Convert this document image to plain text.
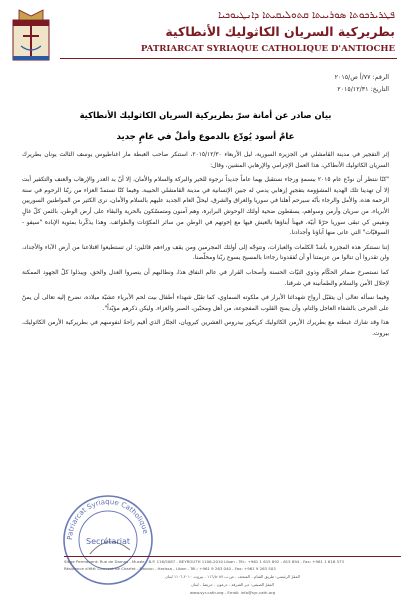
ܦܛܪܝܪܟܘܬܐ ܣܘܪܝܝܬܐ ܩܬܘܠܝܩܝܬܐ ܕܐܢܛܝܘܟܝܐ
بطريركية السريان الكاثوليك الأنطاكية
PATRIARCAT SYRIAQUE CATHOLIQUE D'ANTIOCHE
الرقم: ٧٧/أ ص/٢٠١٥
التاريخ: ٢٠١٥/١٢/٣١
بيان صادر عن أمانة سرّ بطريركية السريان الكاثوليك الأنطاكية
عامٌ أسود يُودّع بالدموع وأملٌ في عامٍ جديد

إثر التفجير في مدينة القامشلي في الجزيرة السورية، ليل الأربعاء ٢٠١٥/١٢/٣٠، استنكر صاحب الغبطة مار اغناطيوس يوسف الثالث يونان بطريرك السريان الكاثوليك الأنطاكي، هذا العمل الإجرامي والإرهابي المشين، وقال:

"كنّا ننتظر أن نودّع عام ٢٠١٥ ببسمةٍ ورجاء نستقبل بهما عاماً جديداً نرجوه للخير والبركة والسلام والأمان، إلا أنّ يد الغدر والإرهاب والعنف والتكفير أبت إلا أن تهدينا تلك الهدية المشؤومة بتفجيرٍ إرهابي يدمي له جبين الإنسانية في مدينة القامشلي الحبيبة. وفيما كنّا نستمدّ العزاء من ربّنا الرحوم في سنة الرحمة هذه، والأمل والرجاء بأنّه سيرحم أهلنا في سوريا والعراق والشرق، ليحلّ العام الجديد عليهم بالسلام والأمان، نرى الكثير من المواطنين السوريين الأبرياء، من سريان وأرمن وسواهم، يسقطون ضحية أولئك الوحوش البرابرة، وهم آمنون ومتمسّكون بالحرية والبقاء على أرض الوطن، بالثمن كلّ غالٍ ونفيس كي تبقى سوريا حرّةً أبيّة، فيهنأ أبناؤها بالعيش فيها مع إخوتهم في الوطن من سائر المكوّنات والطوائف. وهذا يذكّرنا بمئوية الإبادة "سيفو - السوقيّات" التي عانى منها آباؤنا وأجدادنا.

إننا نستنكر هذه المجزرة بأشدّ الكلمات والعبارات، ونتوجّه إلى أولئك المجرمين ومن يقف وراءهم قائلين: لن تستطيعوا اقتلاعنا من أرض الآباء والأجداد، ولن تقدروا أن تنالوا من عزيمتنا أو أن تُفقدونا رجاءنا بالمسيح يسوع ربّنا ومخلّصنا.

كما نستصرخ ضمائر الحكّام وذوي النيّات الحسنة وأصحاب القرار في عالم النفاق هذا، ونطالبهم أن ينصروا العدل والحق، ويبذلوا كلّ الجهود الممكنة لإحلال الأمن والسلام والطمأنينة في شرقنا.

وفيما نسأله تعالى أن يتقبّل أرواح شهدائنا الأبرار في ملكوته السماوي، كما تقبّل شهداء أطفال بيت لحم الأبرياء عشيّة ميلاده، نضرع إليه تعالى أن يمنّ على الجرحى بالشفاء العاجل والتام، وأن يمنح القلوب المفجوعة، من أهل ومحبّين، الصبر والعزاء. وليكن ذكرهم مؤبّداً".

هذا وقد شارك غبطته مع بطريرك الأرمن الكاثوليك كريكور بيدروس العشرين كيرويان، الجنّاز الذي أقيم راحةً لنفوسهم في بطريركية الأرمن الكاثوليك، بيروت.

Patriarcat Syriaque Catholique
Secrétariat
Siège Permanent: Rue de Damas - Musée - B.P. 116/5087 - BEYROUTH 1106-2010 Liban - Tél.: +961 1 615 892 - 615 894 - Fax: +961 1 616 573
Résidence d'été: Couvent de Charfet - Daroun - Harissa - Liban - Tél.: +961 9 263 040 - Fax: +961 9 263 503
المقرّ الرئيسي: طريق الشام - المتحف - ص.ب ١١٦/٥٠٨٧ - بيروت ٢٠١٠-١١٠٦ لبنان
المقرّ الصيفي: دير الشرفة - درعون - حريصا - لبنان
www.syr-cath.org - Email: info@syr-cath.org
